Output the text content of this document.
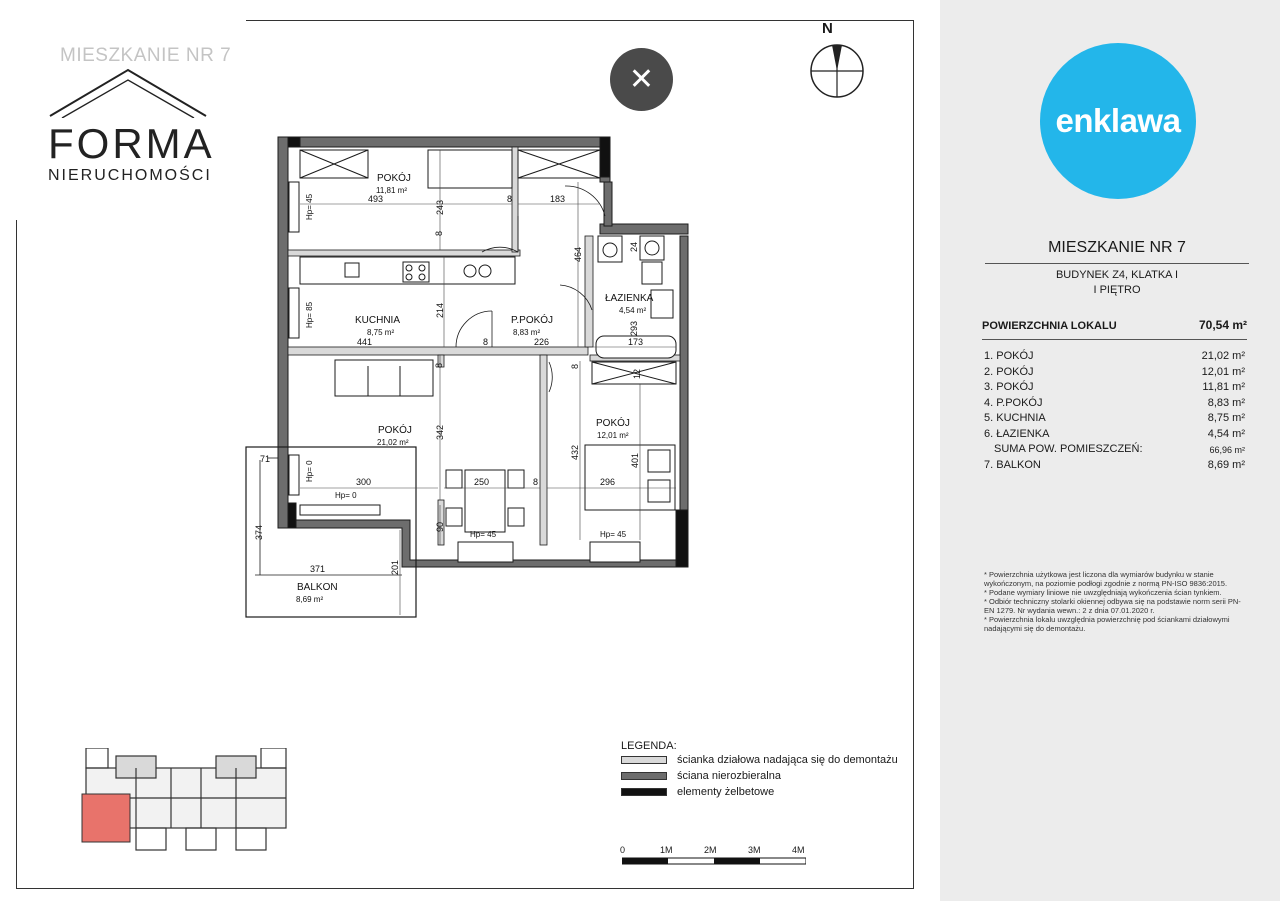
MIESZKANIE NR 7
FORMA
NIERUCHOMOŚCI
✕
N
POKÓJ
11,81 m²
KUCHNIA
8,75 m²
P.POKÓJ
8,83 m²
ŁAZIENKA
4,54 m²
POKÓJ
21,02 m²
POKÓJ
12,01 m²
BALKON
8,69 m²
493
243
8	183
464	24
214
441	8	226
293
173
12
8
342
432
401
300	250	8	296
90
374
371	201
71
8
8
Hp= 45
Hp= 85
Hp= 0
Hp= 0
Hp= 45	Hp= 45
LEGENDA:
ścianka działowa nadająca się do demontażu
ściana nierozbieralna
elementy żelbetowe
0	1M	2M	3M	4M
enklawa
MIESZKANIE NR 7
BUDYNEK Z4, KLATKA I
I PIĘTRO
POWIERZCHNIA LOKALU	70,54 m²
1. POKÓJ	21,02 m²
2. POKÓJ	12,01 m²
3. POKÓJ	11,81 m²
4. P.POKÓJ	8,83 m²
5. KUCHNIA	8,75 m²
6. ŁAZIENKA	4,54 m²
SUMA POW. POMIESZCZEŃ:	66,96 m²
7. BALKON	8,69 m²
* Powierzchnia użytkowa jest liczona dla wymiarów budynku w stanie wykończonym, na poziomie podłogi zgodnie z normą PN-ISO 9836:2015.
* Podane wymiary liniowe nie uwzględniają wykończenia ścian tynkiem.
* Odbiór techniczny stolarki okiennej odbywa się na podstawie norm serii PN-EN 1279. Nr wydania wewn.: 2 z dnia 07.01.2020 r.
* Powierzchnia lokalu uwzględnia powierzchnię pod ściankami działowymi nadającymi się do demontażu.
